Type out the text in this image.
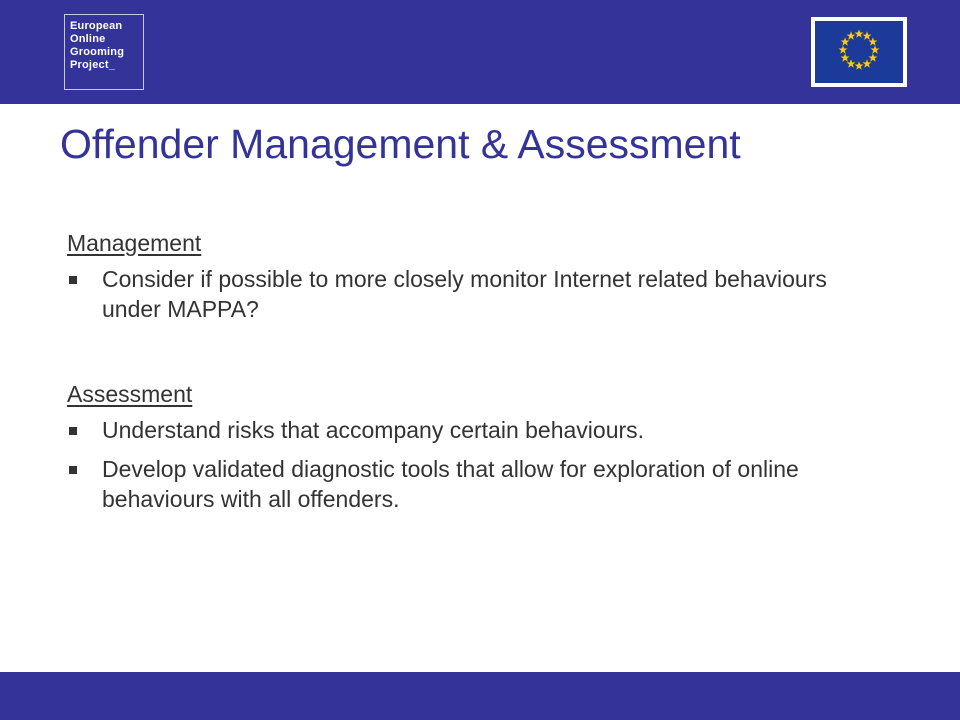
European
Online
Grooming
Project_
Offender Management & Assessment
Management
Consider if possible to more closely monitor Internet related behaviours under MAPPA?
Assessment
Understand risks that accompany certain behaviours.
Develop validated diagnostic tools that allow for exploration of online behaviours with all offenders.
